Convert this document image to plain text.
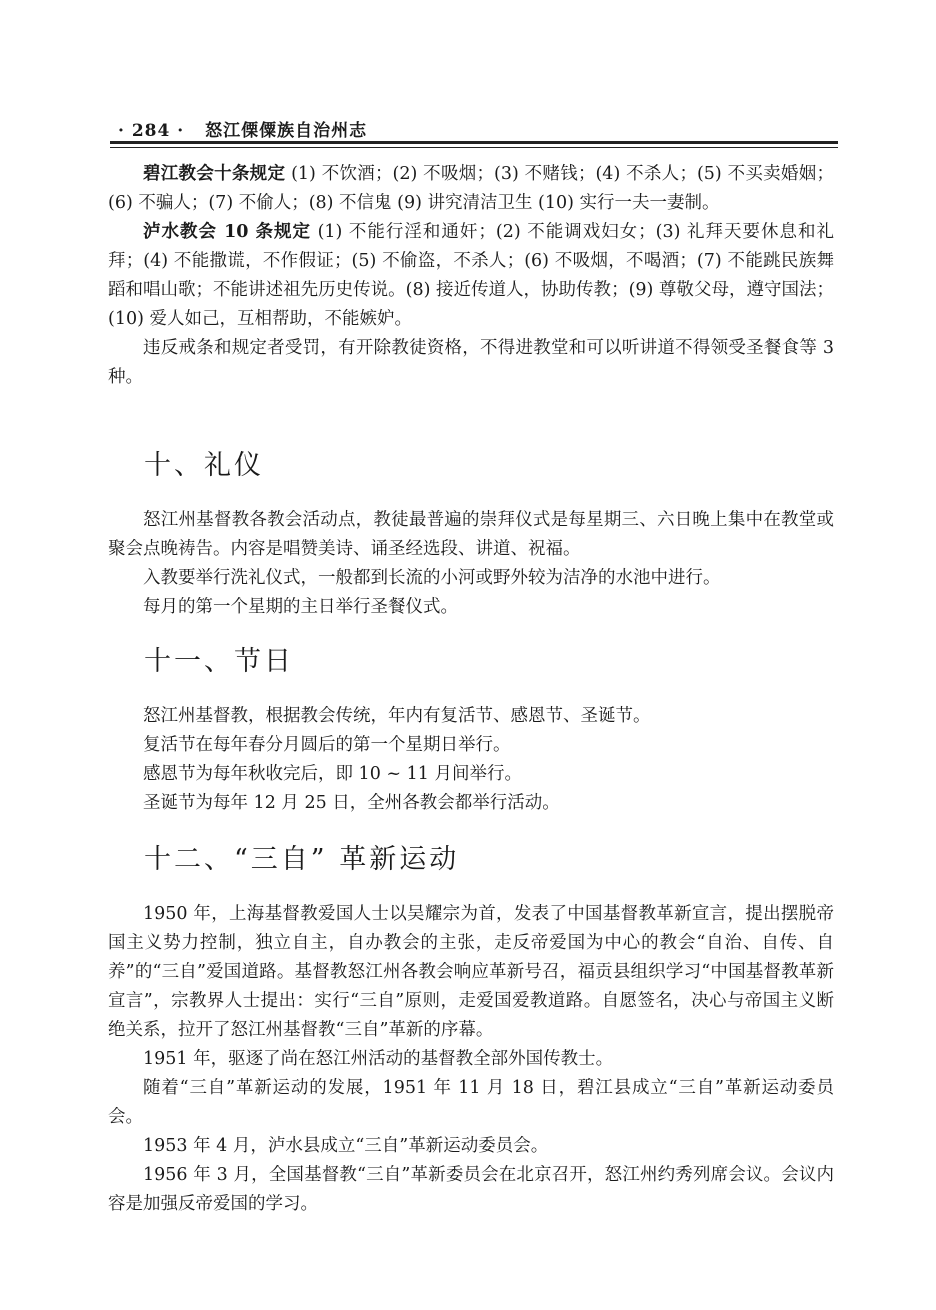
· 284 · 怒江傈僳族自治州志

碧江教会十条规定 (1) 不饮酒；(2) 不吸烟；(3) 不赌钱；(4) 不杀人；(5) 不买卖婚姻；(6) 不骗人；(7) 不偷人；(8) 不信鬼 (9) 讲究清洁卫生 (10) 实行一夫一妻制。

泸水教会 10 条规定 (1) 不能行淫和通奸；(2) 不能调戏妇女；(3) 礼拜天要休息和礼拜；(4) 不能撒谎，不作假证；(5) 不偷盗，不杀人；(6) 不吸烟，不喝酒；(7) 不能跳民族舞蹈和唱山歌；不能讲述祖先历史传说。(8) 接近传道人，协助传教；(9) 尊敬父母，遵守国法；(10) 爱人如己，互相帮助，不能嫉妒。

违反戒条和规定者受罚，有开除教徒资格，不得进教堂和可以听讲道不得领受圣餐食等 3 种。

十、礼仪

怒江州基督教各教会活动点，教徒最普遍的崇拜仪式是每星期三、六日晚上集中在教堂或聚会点晚祷告。内容是唱赞美诗、诵圣经选段、讲道、祝福。

入教要举行洗礼仪式，一般都到长流的小河或野外较为洁净的水池中进行。

每月的第一个星期的主日举行圣餐仪式。

十一、节日

怒江州基督教，根据教会传统，年内有复活节、感恩节、圣诞节。

复活节在每年春分月圆后的第一个星期日举行。

感恩节为每年秋收完后，即 10 ~ 11 月间举行。

圣诞节为每年 12 月 25 日，全州各教会都举行活动。

十二、“三自” 革新运动

1950 年，上海基督教爱国人士以吴耀宗为首，发表了中国基督教革新宣言，提出摆脱帝国主义势力控制，独立自主，自办教会的主张，走反帝爱国为中心的教会“自治、自传、自养”的“三自”爱国道路。基督教怒江州各教会响应革新号召，福贡县组织学习“中国基督教革新宣言”，宗教界人士提出：实行“三自”原则，走爱国爱教道路。自愿签名，决心与帝国主义断绝关系，拉开了怒江州基督教“三自”革新的序幕。

1951 年，驱逐了尚在怒江州活动的基督教全部外国传教士。

随着“三自”革新运动的发展，1951 年 11 月 18 日，碧江县成立“三自”革新运动委员会。

1953 年 4 月，泸水县成立“三自”革新运动委员会。

1956 年 3 月，全国基督教“三自”革新委员会在北京召开，怒江州约秀列席会议。会议内容是加强反帝爱国的学习。
